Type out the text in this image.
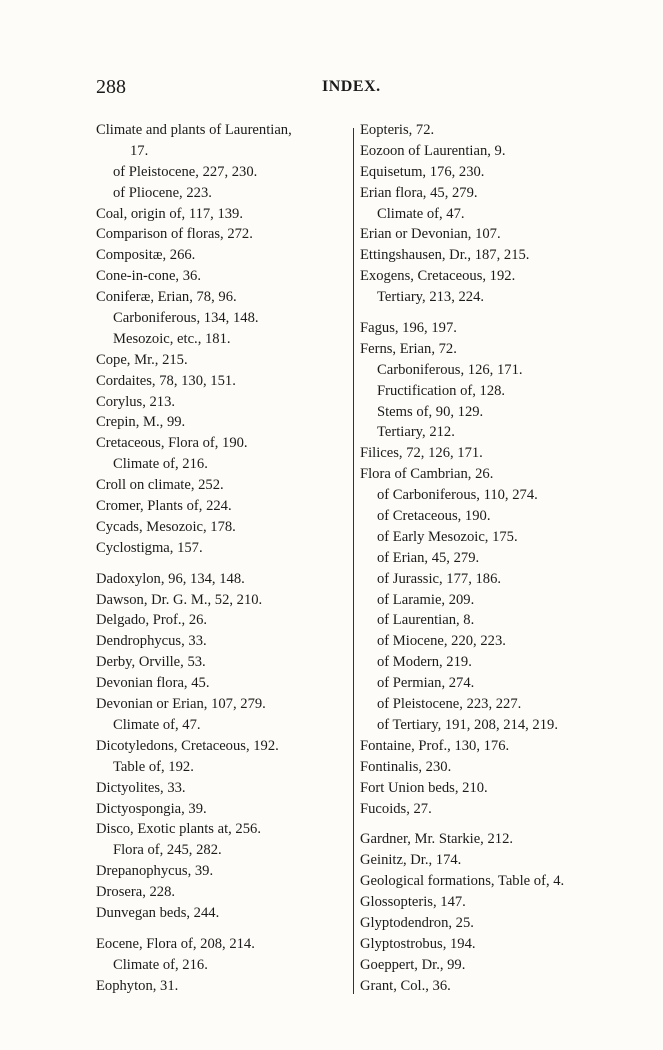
288	INDEX.
Climate and plants of Laurentian,
17.
of Pleistocene, 227, 230.
of Pliocene, 223.
Coal, origin of, 117, 139.
Comparison of floras, 272.
Compositæ, 266.
Cone-in-cone, 36.
Coniferæ, Erian, 78, 96.
Carboniferous, 134, 148.
Mesozoic, etc., 181.
Cope, Mr., 215.
Cordaites, 78, 130, 151.
Corylus, 213.
Crepin, M., 99.
Cretaceous, Flora of, 190.
Climate of, 216.
Croll on climate, 252.
Cromer, Plants of, 224.
Cycads, Mesozoic, 178.
Cyclostigma, 157.
Dadoxylon, 96, 134, 148.
Dawson, Dr. G. M., 52, 210.
Delgado, Prof., 26.
Dendrophycus, 33.
Derby, Orville, 53.
Devonian flora, 45.
Devonian or Erian, 107, 279.
Climate of, 47.
Dicotyledons, Cretaceous, 192.
Table of, 192.
Dictyolites, 33.
Dictyospongia, 39.
Disco, Exotic plants at, 256.
Flora of, 245, 282.
Drepanophycus, 39.
Drosera, 228.
Dunvegan beds, 244.
Eocene, Flora of, 208, 214.
Climate of, 216.
Eophyton, 31.
Eopteris, 72.
Eozoon of Laurentian, 9.
Equisetum, 176, 230.
Erian flora, 45, 279.
Climate of, 47.
Erian or Devonian, 107.
Ettingshausen, Dr., 187, 215.
Exogens, Cretaceous, 192.
Tertiary, 213, 224.
Fagus, 196, 197.
Ferns, Erian, 72.
Carboniferous, 126, 171.
Fructification of, 128.
Stems of, 90, 129.
Tertiary, 212.
Filices, 72, 126, 171.
Flora of Cambrian, 26.
of Carboniferous, 110, 274.
of Cretaceous, 190.
of Early Mesozoic, 175.
of Erian, 45, 279.
of Jurassic, 177, 186.
of Laramie, 209.
of Laurentian, 8.
of Miocene, 220, 223.
of Modern, 219.
of Permian, 274.
of Pleistocene, 223, 227.
of Tertiary, 191, 208, 214, 219.
Fontaine, Prof., 130, 176.
Fontinalis, 230.
Fort Union beds, 210.
Fucoids, 27.
Gardner, Mr. Starkie, 212.
Geinitz, Dr., 174.
Geological formations, Table of, 4.
Glossopteris, 147.
Glyptodendron, 25.
Glyptostrobus, 194.
Goeppert, Dr., 99.
Grant, Col., 36.
